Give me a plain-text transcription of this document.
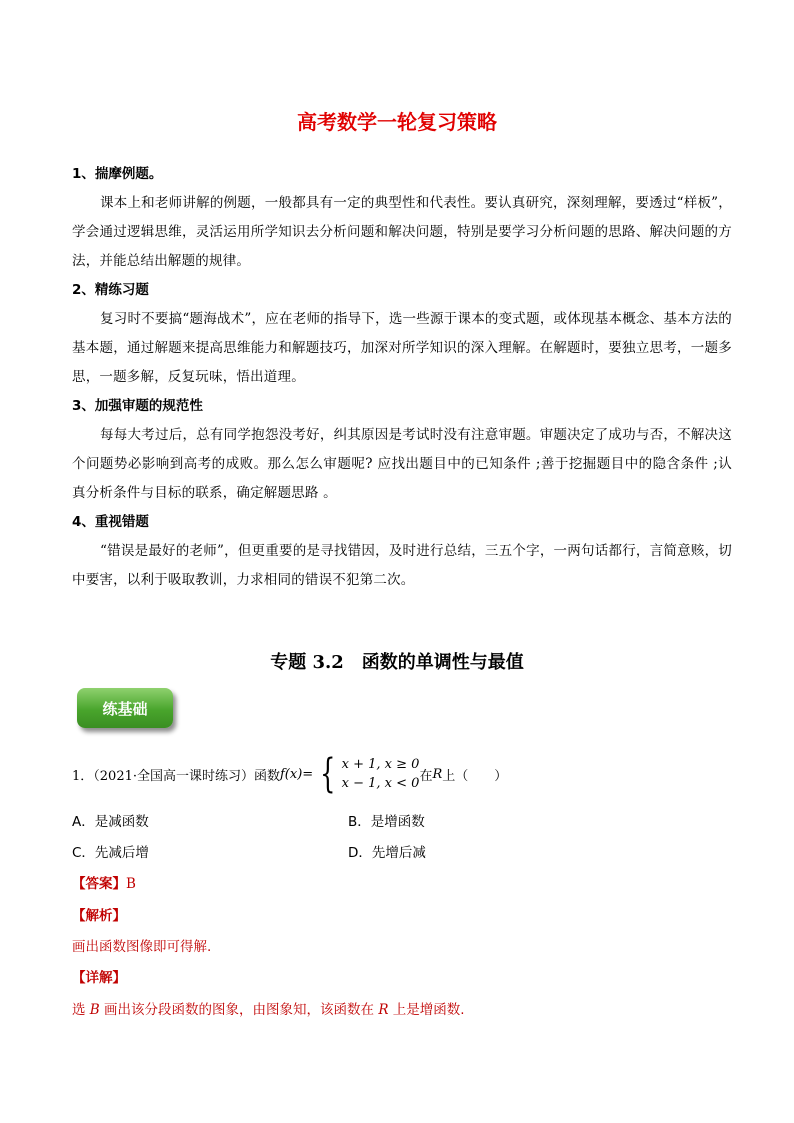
高考数学一轮复习策略
1、揣摩例题。
课本上和老师讲解的例题，一般都具有一定的典型性和代表性。要认真研究，深刻理解，要透过“样板”，学会通过逻辑思维，灵活运用所学知识去分析问题和解决问题，特别是要学习分析问题的思路、解决问题的方法，并能总结出解题的规律。
2、精练习题
复习时不要搞“题海战术”，应在老师的指导下，选一些源于课本的变式题，或体现基本概念、基本方法的基本题，通过解题来提高思维能力和解题技巧，加深对所学知识的深入理解。在解题时，要独立思考，一题多思，一题多解，反复玩味，悟出道理。
3、加强审题的规范性
每每大考过后，总有同学抱怨没考好，纠其原因是考试时没有注意审题。审题决定了成功与否，不解决这个问题势必影响到高考的成败。那么怎么审题呢? 应找出题目中的已知条件 ;善于挖掘题目中的隐含条件 ;认真分析条件与目标的联系，确定解题思路 。
4、重视错题
“错误是最好的老师”，但更重要的是寻找错因，及时进行总结，三五个字，一两句话都行，言简意赅，切中要害，以利于吸取教训，力求相同的错误不犯第二次。
专题 3.2　函数的单调性与最值
练基础
1．（2021·全国高一课时练习）函数 f(x)= { x + 1, x ≥ 0
x − 1, x < 0 在 R 上（　　）
A．是减函数	B．是增函数
C．先减后增	D．先增后减
【答案】B
【解析】
画出函数图像即可得解.
【详解】
选 B 画出该分段函数的图象，由图象知，该函数在 R 上是增函数.
